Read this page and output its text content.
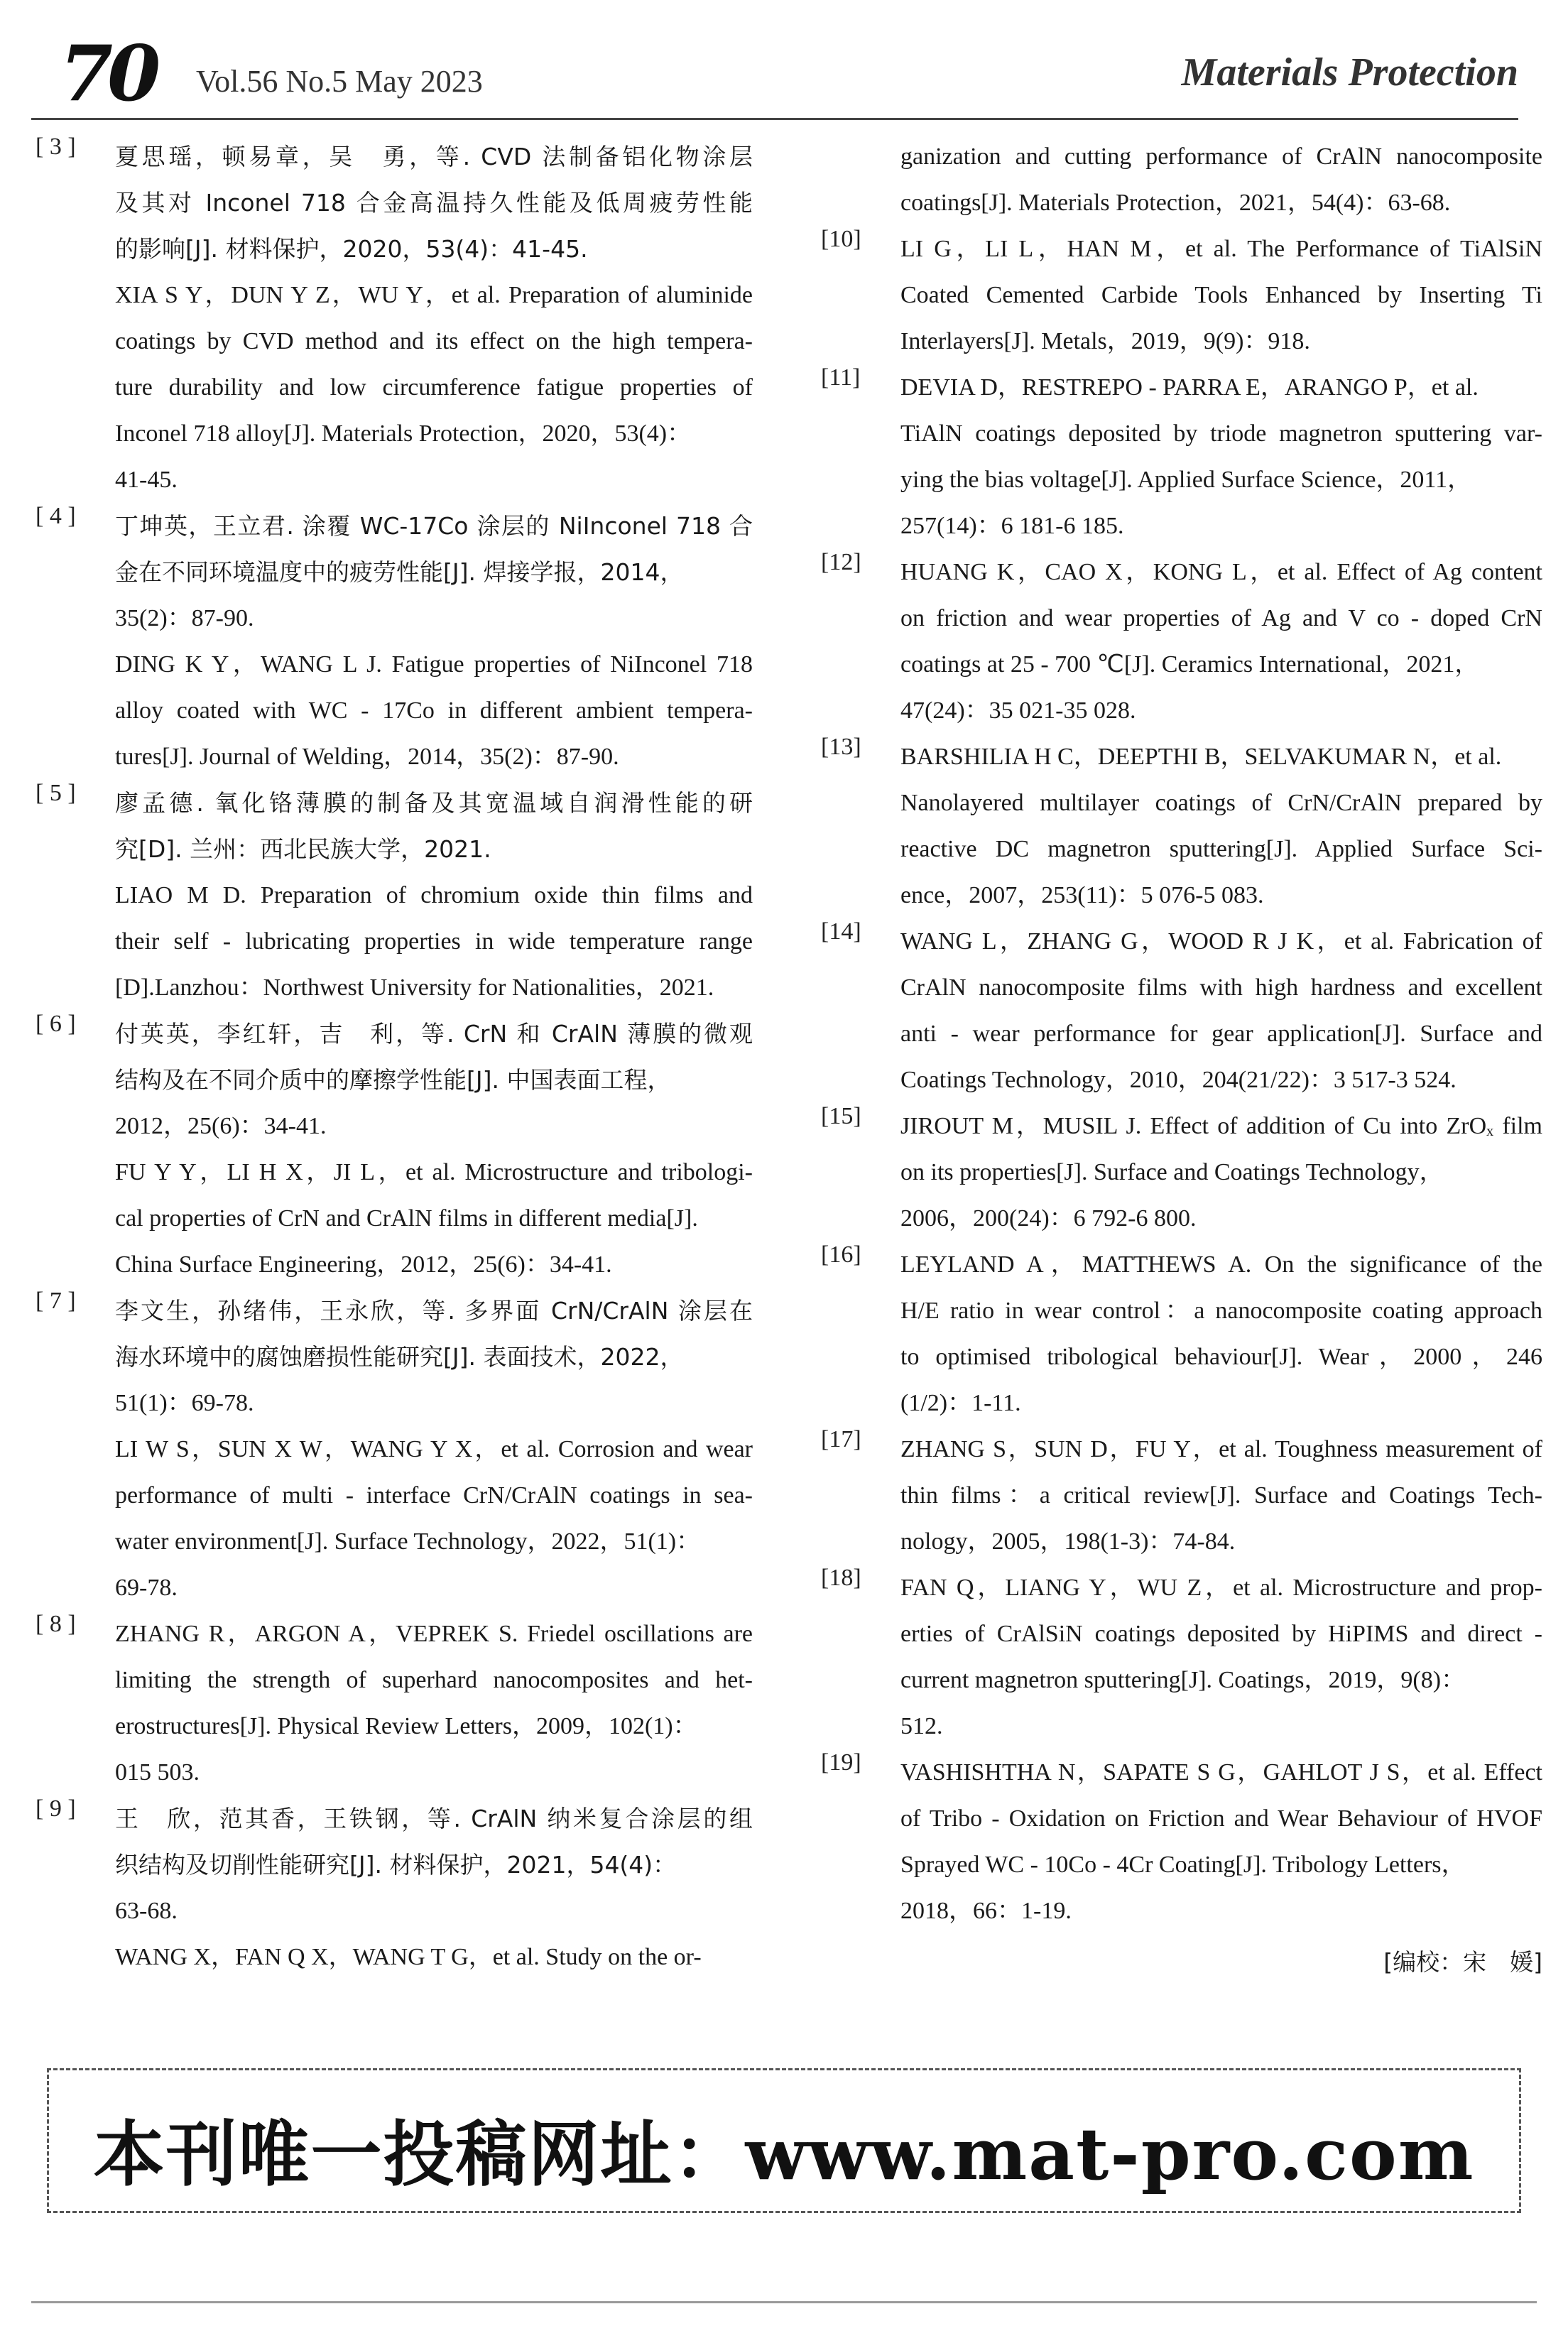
70 Vol.56 No.5 May 2023	Materials Protection
[ 3 ] 夏思瑶，顿易章，吴　勇，等. CVD 法制备铝化物涂层
及其对 Inconel 718 合金高温持久性能及低周疲劳性能
的影响[J]. 材料保护，2020，53(4)：41-45.
XIA S Y，DUN Y Z，WU Y，et al. Preparation of aluminide
coatings by CVD method and its effect on the high tempera-
ture durability and low circumference fatigue properties of
Inconel 718 alloy[J]. Materials Protection，2020，53(4)：
41-45.
[ 4 ] 丁坤英，王立君. 涂覆 WC-17Co 涂层的 NiInconel 718 合
金在不同环境温度中的疲劳性能[J]. 焊接学报，2014，
35(2)：87-90.
DING K Y，WANG L J. Fatigue properties of NiInconel 718
alloy coated with WC - 17Co in different ambient tempera-
tures[J]. Journal of Welding，2014，35(2)：87-90.
[ 5 ] 廖孟德. 氧化铬薄膜的制备及其宽温域自润滑性能的研
究[D]. 兰州：西北民族大学，2021.
LIAO M D. Preparation of chromium oxide thin films and
their self - lubricating properties in wide temperature range
[D].Lanzhou：Northwest University for Nationalities，2021.
[ 6 ] 付英英，李红轩，吉　利，等. CrN 和 CrAlN 薄膜的微观
结构及在不同介质中的摩擦学性能[J]. 中国表面工程，
2012，25(6)：34-41.
FU Y Y，LI H X，JI L，et al. Microstructure and tribologi-
cal properties of CrN and CrAlN films in different media[J].
China Surface Engineering，2012，25(6)：34-41.
[ 7 ] 李文生，孙绪伟，王永欣，等. 多界面 CrN/CrAlN 涂层在
海水环境中的腐蚀磨损性能研究[J]. 表面技术，2022，
51(1)：69-78.
LI W S，SUN X W，WANG Y X，et al. Corrosion and wear
performance of multi - interface CrN/CrAlN coatings in sea-
water environment[J]. Surface Technology，2022，51(1)：
69-78.
[ 8 ] ZHANG R，ARGON A，VEPREK S. Friedel oscillations are
limiting the strength of superhard nanocomposites and het-
erostructures[J]. Physical Review Letters，2009，102(1)：
015 503.
[ 9 ] 王　欣，范其香，王铁钢，等. CrAlN 纳米复合涂层的组
织结构及切削性能研究[J]. 材料保护，2021，54(4)：
63-68.
WANG X，FAN Q X，WANG T G，et al. Study on the or-
ganization and cutting performance of CrAlN nanocomposite
coatings[J]. Materials Protection，2021，54(4)：63-68.
[10] LI G，LI L，HAN M，et al. The Performance of TiAlSiN
Coated Cemented Carbide Tools Enhanced by Inserting Ti
Interlayers[J]. Metals，2019，9(9)：918.
[11] DEVIA D，RESTREPO - PARRA E，ARANGO P，et al.
TiAlN coatings deposited by triode magnetron sputtering var-
ying the bias voltage[J]. Applied Surface Science，2011，
257(14)：6 181-6 185.
[12] HUANG K，CAO X，KONG L，et al. Effect of Ag content
on friction and wear properties of Ag and V co - doped CrN
coatings at 25 - 700 ℃[J]. Ceramics International，2021，
47(24)：35 021-35 028.
[13] BARSHILIA H C，DEEPTHI B，SELVAKUMAR N，et al.
Nanolayered multilayer coatings of CrN/CrAlN prepared by
reactive DC magnetron sputtering[J]. Applied Surface Sci-
ence，2007，253(11)：5 076-5 083.
[14] WANG L，ZHANG G，WOOD R J K，et al. Fabrication of
CrAlN nanocomposite films with high hardness and excellent
anti - wear performance for gear application[J]. Surface and
Coatings Technology，2010，204(21/22)：3 517-3 524.
[15] JIROUT M，MUSIL J. Effect of addition of Cu into ZrOₓ film
on its properties[J]. Surface and Coatings Technology，
2006，200(24)：6 792-6 800.
[16] LEYLAND A，MATTHEWS A. On the significance of the
H/E ratio in wear control：a nanocomposite coating approach
to optimised tribological behaviour[J]. Wear，2000，246
(1/2)：1-11.
[17] ZHANG S，SUN D，FU Y，et al. Toughness measurement of
thin films：a critical review[J]. Surface and Coatings Tech-
nology，2005，198(1-3)：74-84.
[18] FAN Q，LIANG Y，WU Z，et al. Microstructure and prop-
erties of CrAlSiN coatings deposited by HiPIMS and direct -
current magnetron sputtering[J]. Coatings，2019，9(8)：
512.
[19] VASHISHTHA N，SAPATE S G，GAHLOT J S，et al. Effect
of Tribo - Oxidation on Friction and Wear Behaviour of HVOF
Sprayed WC - 10Co - 4Cr Coating[J]. Tribology Letters，
2018，66：1-19.
[编校：宋　媛]
本刊唯一投稿网址：www.mat-pro.com
